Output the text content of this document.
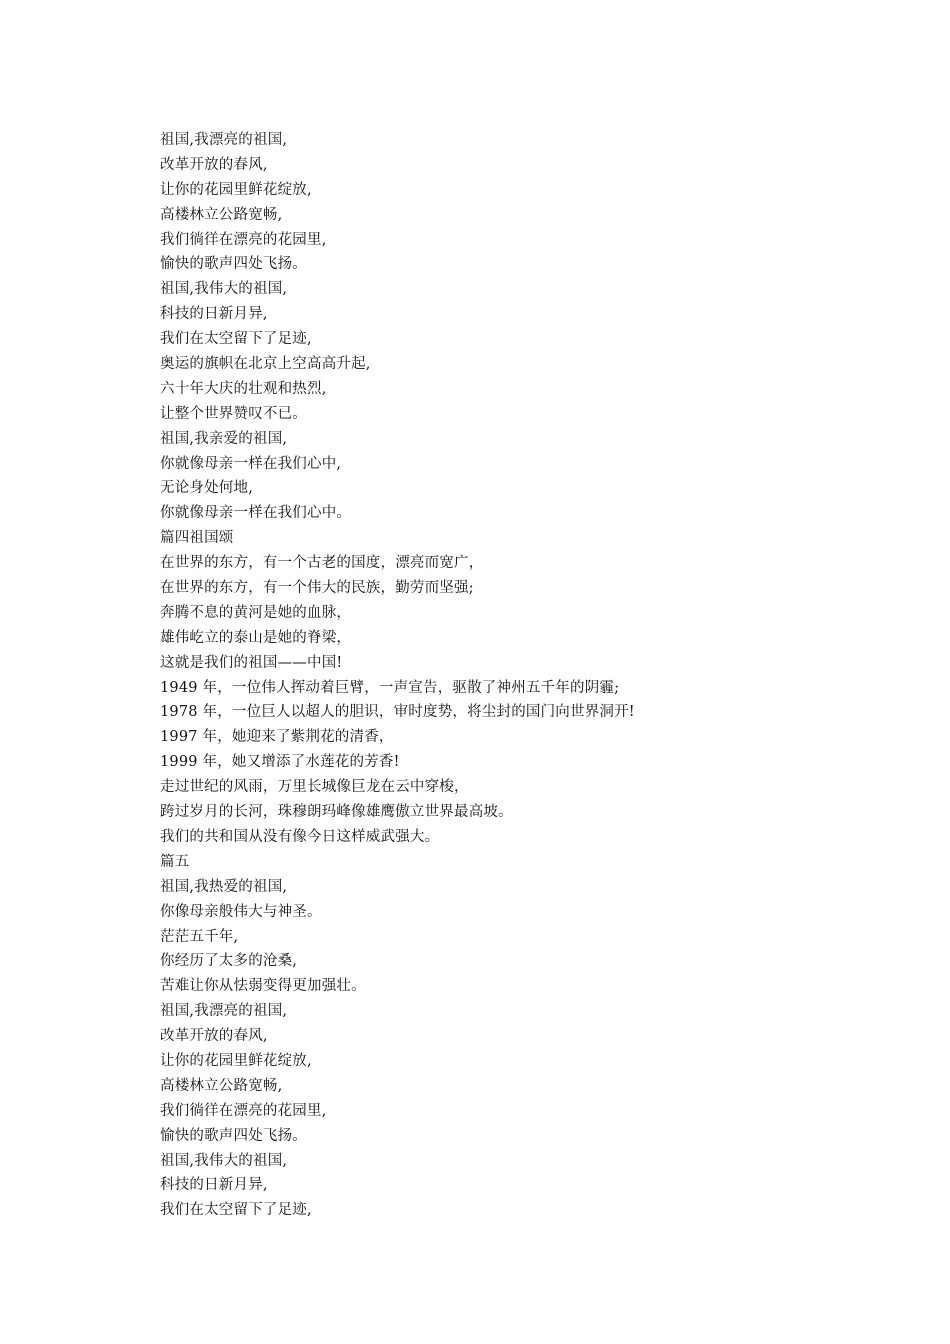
祖国,我漂亮的祖国,
改革开放的春风,
让你的花园里鲜花绽放,
高楼林立公路宽畅,
我们徜徉在漂亮的花园里,
愉快的歌声四处飞扬。
祖国,我伟大的祖国,
科技的日新月异,
我们在太空留下了足迹,
奥运的旗帜在北京上空高高升起,
六十年大庆的壮观和热烈,
让整个世界赞叹不已。
祖国,我亲爱的祖国,
你就像母亲一样在我们心中,
无论身处何地,
你就像母亲一样在我们心中。
篇四祖国颂
在世界的东方，有一个古老的国度，漂亮而宽广，
在世界的东方，有一个伟大的民族，勤劳而坚强;
奔腾不息的黄河是她的血脉，
雄伟屹立的泰山是她的脊梁，
这就是我们的祖国——中国!
1949 年，一位伟人挥动着巨臂，一声宣告，驱散了神州五千年的阴霾;
1978 年，一位巨人以超人的胆识，审时度势，将尘封的国门向世界洞开!
1997 年，她迎来了紫荆花的清香，
1999 年，她又增添了水莲花的芳香!
走过世纪的风雨，万里长城像巨龙在云中穿梭，
跨过岁月的长河，珠穆朗玛峰像雄鹰傲立世界最高坡。
我们的共和国从没有像今日这样威武强大。
篇五
祖国,我热爱的祖国,
你像母亲般伟大与神圣。
茫茫五千年,
你经历了太多的沧桑,
苦难让你从怯弱变得更加强壮。
祖国,我漂亮的祖国,
改革开放的春风,
让你的花园里鲜花绽放,
高楼林立公路宽畅,
我们徜徉在漂亮的花园里,
愉快的歌声四处飞扬。
祖国,我伟大的祖国,
科技的日新月异,
我们在太空留下了足迹,
